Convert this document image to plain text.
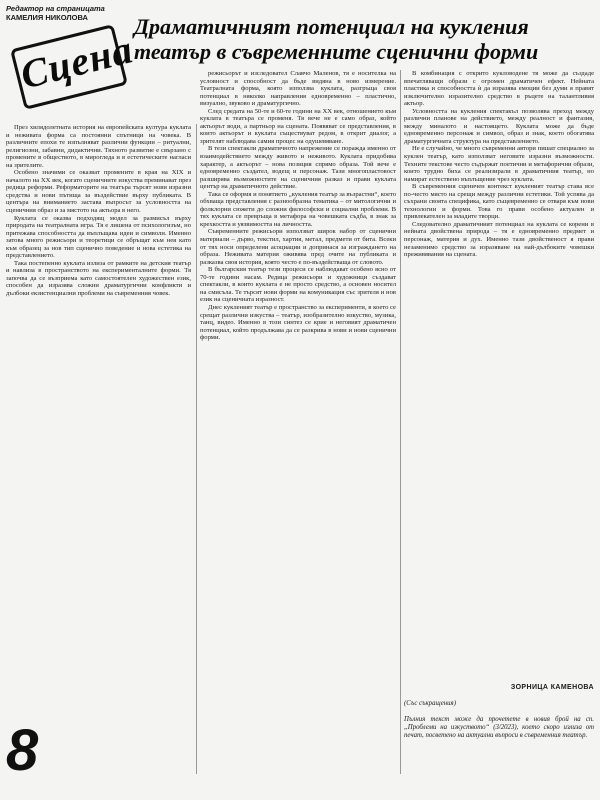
Редактор на страницата
КАМЕЛИЯ НИКОЛОВА
Сцена
Драматичният потенциал на кукления театър в съвременните сценични форми

През хилядолетната история на европейската култура куклата и неживата форма са постоянни спътници на човека. В различните епохи те изпълняват различни функции – ритуални, религиозни, забавни, дидактични. Тяхното развитие е свързано с промените в обществото, в мирогледа и в естетическите нагласи на зрителите.

Особено значими се оказват промените в края на XIX и началото на XX век, когато сценичните изкуства преминават през редица реформи. Реформаторите на театъра търсят нови изразни средства и нови пътища за въздействие върху публиката. В центъра на вниманието застава въпросът за условността на сценичния образ и за мястото на актьора в него.

Куклата се оказва подходящ модел за размисъл върху природата на театралната игра. Тя е лишена от психологизъм, но притежава способността да въплъщава идеи и символи. Именно затова много режисьори и теоретици се обръщат към нея като към образец за нов тип сценично поведение и нова естетика на представлението.

Така постепенно куклата излиза от рамките на детския театър и навлиза в пространството на експерименталните форми. Тя започва да се възприема като самостоятелен художествен език, способен да изразява сложни драматургични конфликти и дълбоки екзистенциални проблеми на съвременния човек.

режисьорът и изследовател Славчо Маленов, тя е носителка на условност и способност да бъде видяна в ново измерение. Театралната форма, която използва куклата, разгръща своя потенциал в няколко направления едновременно – пластично, визуално, звуково и драматургично.

След средата на 50-те и 60-те години на XX век, отношението към куклата в театъра се променя. Тя вече не е само образ, който актьорът води, а партньор на сцената. Появяват се представления, в които актьорът и куклата съществуват редом, в открит диалог, а зрителят наблюдава самия процес на одушевяване.

В тези спектакли драматичното напрежение се поражда именно от взаимодействието между живото и неживото. Куклата придобива характер, а актьорът – нова позиция спрямо образа. Той вече е едновременно създател, водещ и персонаж. Тази многопластовост разширява възможностите на сценичния разказ и прави куклата център на драматичното действие.

Така се оформя и понятието „кукления театър за възрастни“, което обхваща представления с разнообразна тематика – от митологични и фолклорни сюжети до сложни философски и социални проблеми. В тях куклата се превръща в метафора на човешката съдба, в знак за крехкостта и уязвимостта на личността.

Съвременните режисьори използват широк набор от сценични материали – дърво, текстил, хартия, метал, предмети от бита. Всеки от тях носи определени асоциации и допринася за изграждането на образа. Неживата материя оживява пред очите на публиката и разказва своя история, която често е по-въздействаща от словото.

В българския театър тези процеси се наблюдават особено ясно от 70-те години насам. Редица режисьори и художници създават спектакли, в които куклата е не просто средство, а основен носител на смисъла. Те търсят нови форми на комуникация със зрителя и нов език на сценичната изразност.

Днес кукленият театър е пространство за експерименти, в което се срещат различни изкуства – театър, изобразително изкуство, музика, танц, видео. Именно в този синтез се крие и неговият драматичен потенциал, който продължава да се разкрива в нови и нови сценични форми.

В комбинация с открито кукловодене тя може да създаде впечатляващи образи с огромен драматичен ефект. Нейната пластика и способността ѝ да изразява емоции без думи я правят изключително изразително средство в ръцете на талантливия актьор.

Условността на кукления спектакъл позволява преход между различни планове на действието, между реалност и фантазия, между миналото и настоящето. Куклата може да бъде едновременно персонаж и символ, образ и знак, което обогатява драматургичната структура на представлението.

Не е случайно, че много съвременни автори пишат специално за куклен театър, като използват неговите изразни възможности. Техните текстове често съдържат поетични и метафорични образи, които трудно биха се реализирали в драматичния театър, но намират естествено въплъщение чрез куклата.

В съвременния сценичен контекст кукленият театър става все по-често място на срещи между различни естетики. Той успява да съхрани своята специфика, като същевременно се отваря към нови технологии и форми. Това го прави особено актуален и привлекателен за младите творци.

Следователно драматичният потенциал на куклата се корени в нейната двойствена природа – тя е едновременно предмет и персонаж, материя и дух. Именно тази двойственост я прави незаменимо средство за изразяване на най-дълбоките човешки преживявания на сцената.

ЗОРНИЦА КАМЕНОВА
(Със съкращения)
Пълния текст може да прочетете в новия брой на сп. „Проблеми на изкуството“ (3/2023), което скоро излиза от печат, посветено на актуални въпроси в съвременния театър.
8
